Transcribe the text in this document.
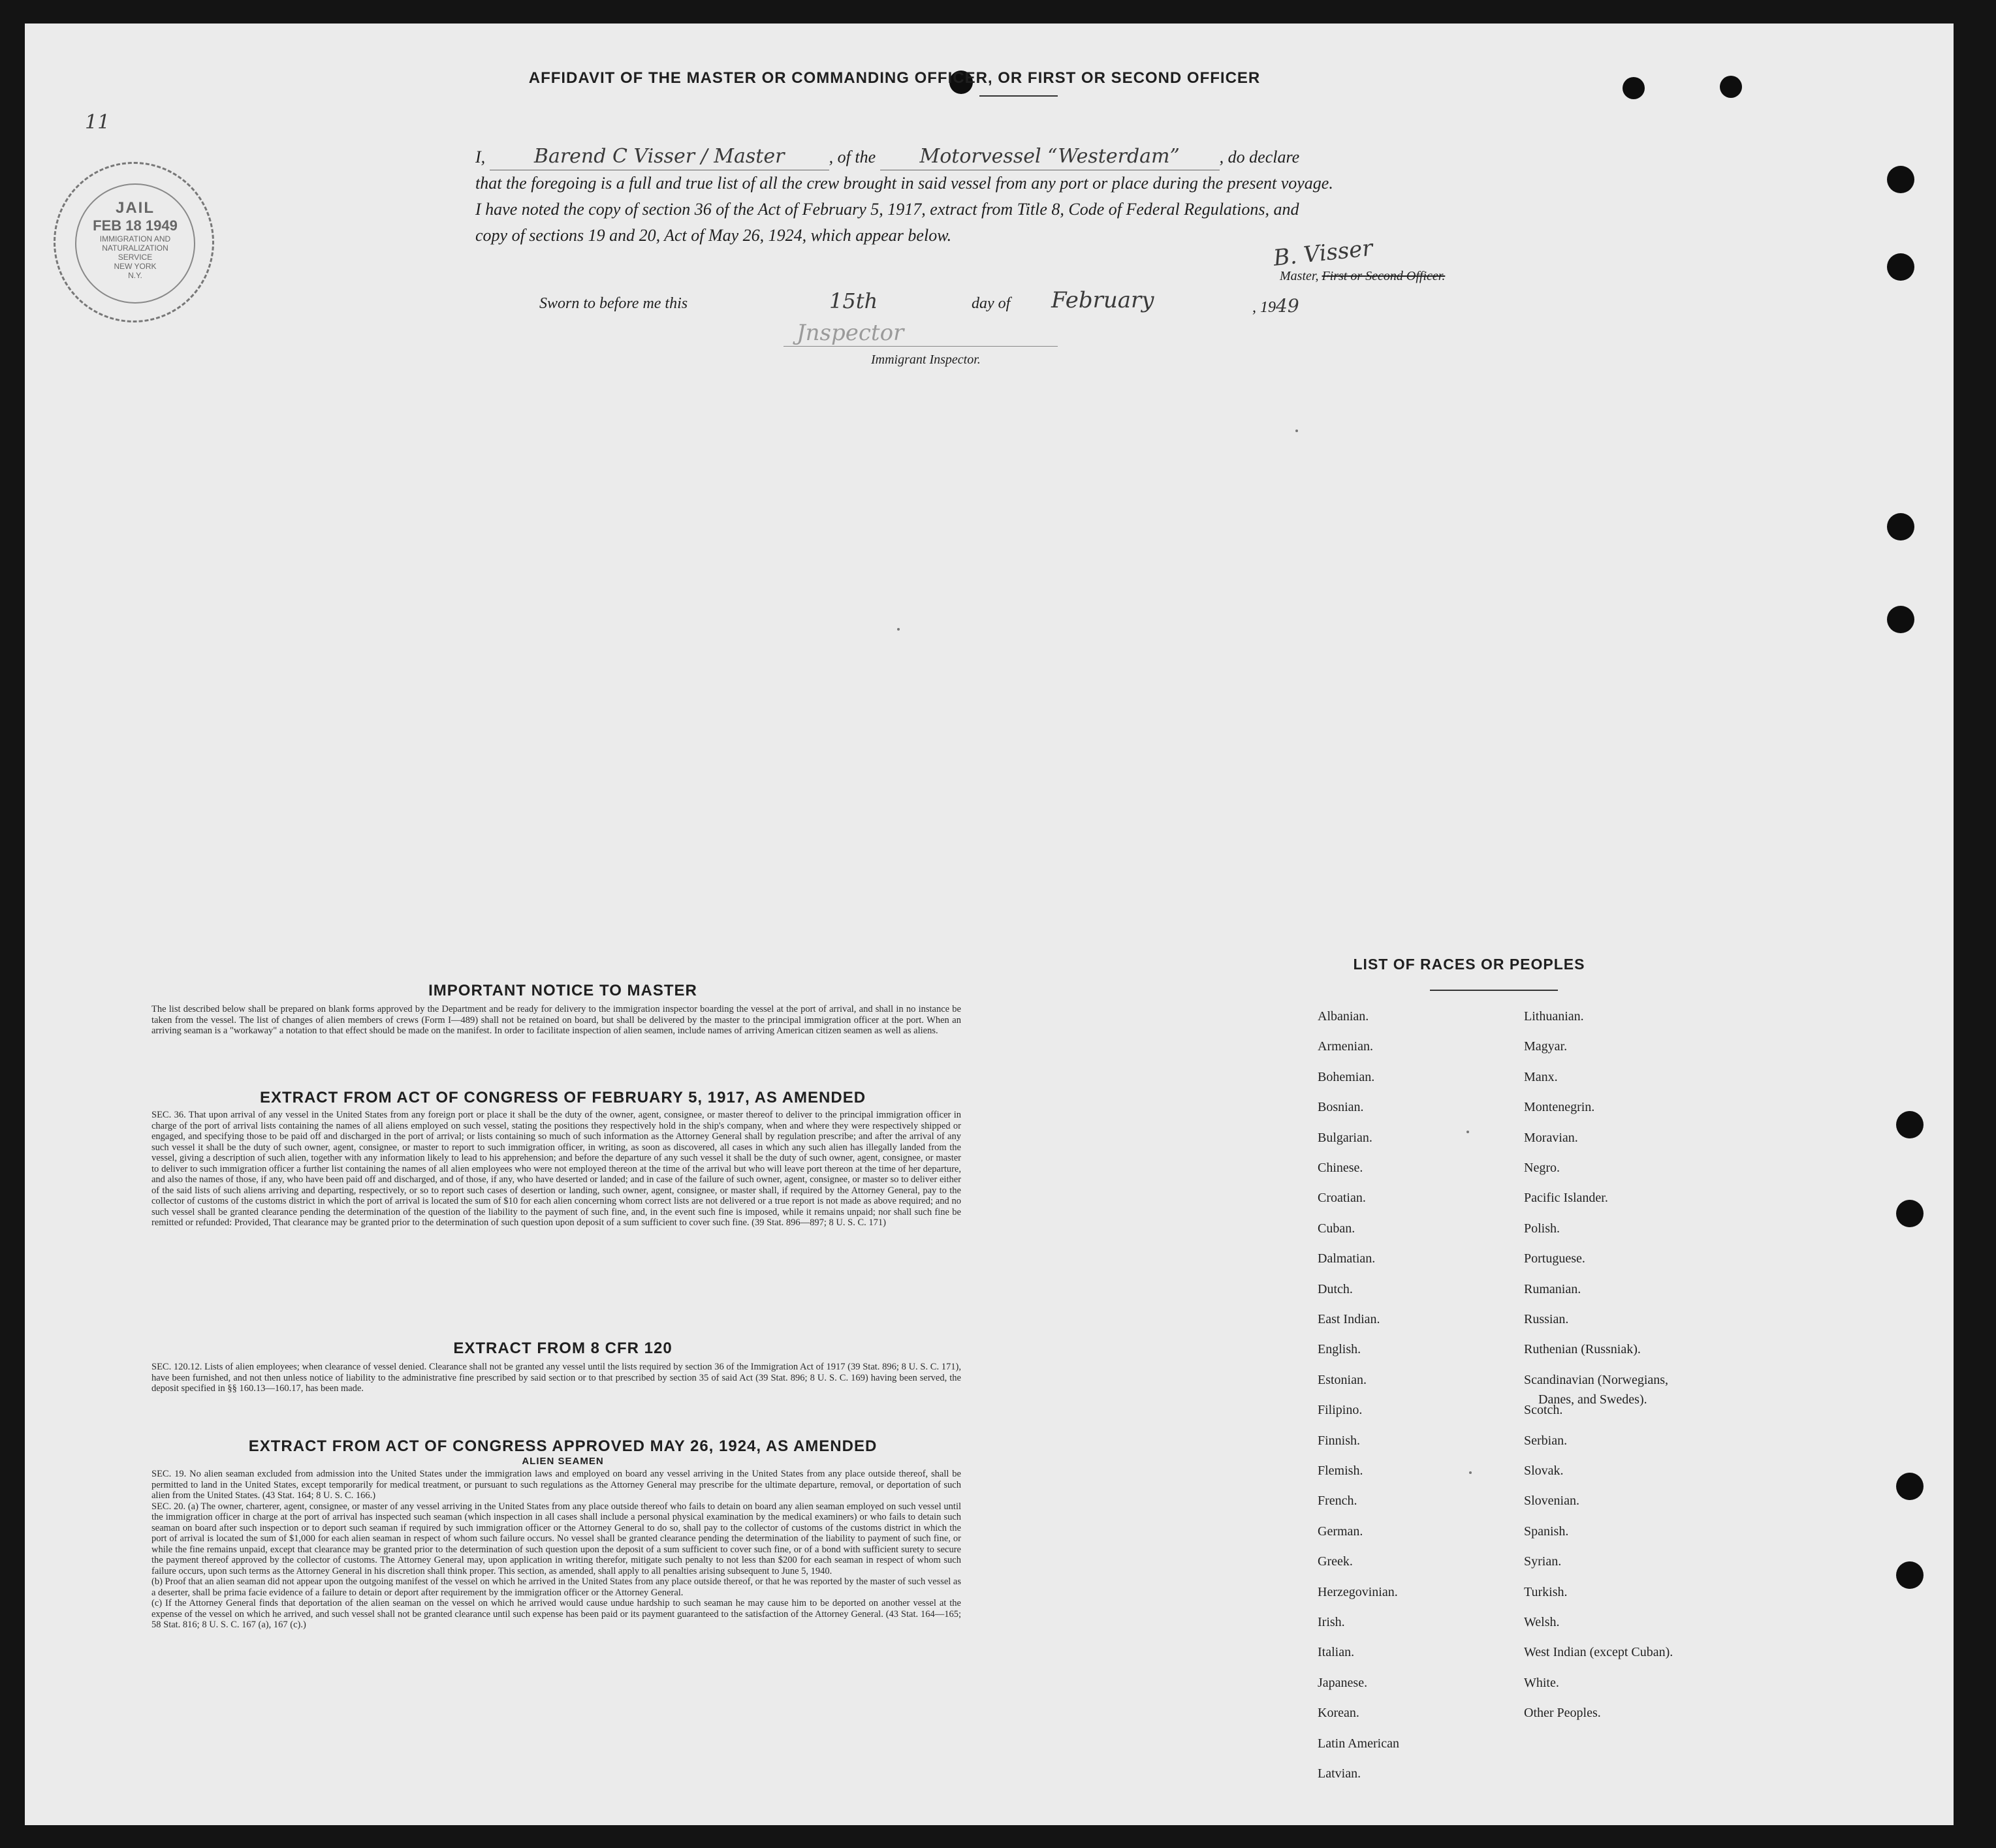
11
AFFIDAVIT OF THE MASTER OR COMMANDING OFFICER, OR FIRST OR SECOND OFFICER
I, Barend C Visser / Master	, of the Motorvessel “Westerdam” , do declare
that the foregoing is a full and true list of all the crew brought in said vessel from any port or place during the present voyage.
I have noted the copy of section 36 of the Act of February 5, 1917, extract from Title 8, Code of Federal Regulations, and
copy of sections 19 and 20, Act of May 26, 1924, which appear below.	B. Visser
Master, First or Second Officer.
Sworn to before me this	15th	day of February	, 1949
Jnspector
Immigrant Inspector.
JAIL
FEB 18 1949
IMMIGRATION AND
NATURALIZATION
SERVICE
NEW YORK
N.Y.
IMPORTANT NOTICE TO MASTER
The list described below shall be prepared on blank forms approved by the Department and be ready for delivery to the immigration inspector boarding the vessel at the port of arrival, and shall in no instance be taken from the vessel. The list of changes of alien members of crews (Form I—489) shall not be retained on board, but shall be delivered by the master to the principal immigration officer at the port. When an arriving seaman is a "workaway" a notation to that effect should be made on the manifest. In order to facilitate inspection of alien seamen, include names of arriving American citizen seamen as well as aliens.
EXTRACT FROM ACT OF CONGRESS OF FEBRUARY 5, 1917, AS AMENDED
SEC. 36. That upon arrival of any vessel in the United States from any foreign port or place it shall be the duty of the owner, agent, consignee, or master thereof to deliver to the principal immigration officer in charge of the port of arrival lists containing the names of all aliens employed on such vessel, stating the positions they respectively hold in the ship's company, when and where they were respectively shipped or engaged, and specifying those to be paid off and discharged in the port of arrival; or lists containing so much of such information as the Attorney General shall by regulation prescribe; and after the arrival of any such vessel it shall be the duty of such owner, agent, consignee, or master to report to such immigration officer, in writing, as soon as discovered, all cases in which any such alien has illegally landed from the vessel, giving a description of such alien, together with any information likely to lead to his apprehension; and before the departure of any such vessel it shall be the duty of such owner, agent, consignee, or master to deliver to such immigration officer a further list containing the names of all alien employees who were not employed thereon at the time of the arrival but who will leave port thereon at the time of her departure, and also the names of those, if any, who have been paid off and discharged, and of those, if any, who have deserted or landed; and in case of the failure of such owner, agent, consignee, or master so to deliver either of the said lists of such aliens arriving and departing, respectively, or so to report such cases of desertion or landing, such owner, agent, consignee, or master shall, if required by the Attorney General, pay to the collector of customs of the customs district in which the port of arrival is located the sum of $10 for each alien concerning whom correct lists are not delivered or a true report is not made as above required; and no such vessel shall be granted clearance pending the determination of the question of the liability to the payment of such fine, and, in the event such fine is imposed, while it remains unpaid; nor shall such fine be remitted or refunded: Provided, That clearance may be granted prior to the determination of such question upon deposit of a sum sufficient to cover such fine. (39 Stat. 896—897; 8 U. S. C. 171)
EXTRACT FROM 8 CFR 120
SEC. 120.12. Lists of alien employees; when clearance of vessel denied. Clearance shall not be granted any vessel until the lists required by section 36 of the Immigration Act of 1917 (39 Stat. 896; 8 U. S. C. 171), have been furnished, and not then unless notice of liability to the administrative fine prescribed by said section or to that prescribed by section 35 of said Act (39 Stat. 896; 8 U. S. C. 169) having been served, the deposit specified in §§ 160.13—160.17, has been made.
EXTRACT FROM ACT OF CONGRESS APPROVED MAY 26, 1924, AS AMENDED
ALIEN SEAMEN
SEC. 19. No alien seaman excluded from admission into the United States under the immigration laws and employed on board any vessel arriving in the United States from any place outside thereof, shall be permitted to land in the United States, except temporarily for medical treatment, or pursuant to such regulations as the Attorney General may prescribe for the ultimate departure, removal, or deportation of such alien from the United States. (43 Stat. 164; 8 U. S. C. 166.)
SEC. 20. (a) The owner, charterer, agent, consignee, or master of any vessel arriving in the United States from any place outside thereof who fails to detain on board any alien seaman employed on such vessel until the immigration officer in charge at the port of arrival has inspected such seaman (which inspection in all cases shall include a personal physical examination by the medical examiners) or who fails to detain such seaman on board after such inspection or to deport such seaman if required by such immigration officer or the Attorney General to do so, shall pay to the collector of customs of the customs district in which the port of arrival is located the sum of $1,000 for each alien seaman in respect of whom such failure occurs. No vessel shall be granted clearance pending the determination of the liability to payment of such fine, or while the fine remains unpaid, except that clearance may be granted prior to the determination of such question upon the deposit of a sum sufficient to cover such fine, or of a bond with sufficient surety to secure the payment thereof approved by the collector of customs. The Attorney General may, upon application in writing therefor, mitigate such penalty to not less than $200 for each seaman in respect of whom such failure occurs, upon such terms as the Attorney General in his discretion shall think proper. This section, as amended, shall apply to all penalties arising subsequent to June 5, 1940.
(b) Proof that an alien seaman did not appear upon the outgoing manifest of the vessel on which he arrived in the United States from any place outside thereof, or that he was reported by the master of such vessel as a deserter, shall be prima facie evidence of a failure to detain or deport after requirement by the immigration officer or the Attorney General.
(c) If the Attorney General finds that deportation of the alien seaman on the vessel on which he arrived would cause undue hardship to such seaman he may cause him to be deported on another vessel at the expense of the vessel on which he arrived, and such vessel shall not be granted clearance until such expense has been paid or its payment guaranteed to the satisfaction of the Attorney General. (43 Stat. 164—165; 58 Stat. 816; 8 U. S. C. 167 (a), 167 (c).)
LIST OF RACES OR PEOPLES
Albanian.
Armenian.
Bohemian.
Bosnian.
Bulgarian.
Chinese.
Croatian.
Cuban.
Dalmatian.
Dutch.
East Indian.
English.
Estonian.
Filipino.
Finnish.
Flemish.
French.
German.
Greek.
Herzegovinian.
Irish.
Italian.
Japanese.
Korean.
Latin American
Latvian.
Lithuanian.
Magyar.
Manx.
Montenegrin.
Moravian.
Negro.
Pacific Islander.
Polish.
Portuguese.
Rumanian.
Russian.
Ruthenian (Russniak).
Scandinavian (Norwegians,
Danes, and Swedes).
Scotch.
Serbian.
Slovak.
Slovenian.
Spanish.
Syrian.
Turkish.
Welsh.
West Indian (except Cuban).
White.
Other Peoples.
